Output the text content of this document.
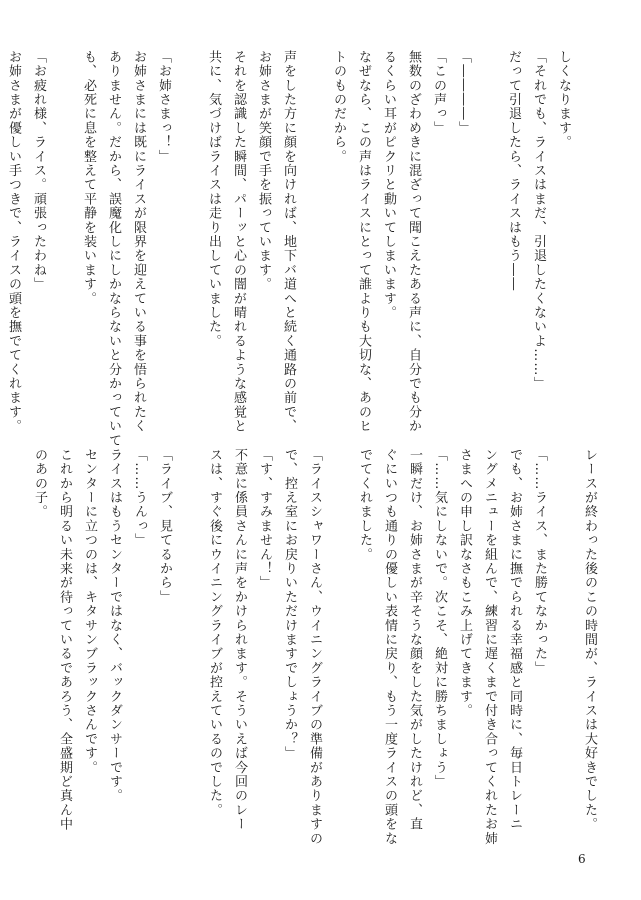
しくなります。
「それでも、ライスはまだ、引退したくないよ……」
だって引退したら、ライスはもう――

「――――」
「この声っ」
無数のざわめきに混ざって聞こえたある声に、自分でも分か
るくらい耳がピクリと動いてしまいます。
なぜなら、この声はライスにとって誰よりも大切な、あのヒ
トのものだから。

声をした方に顔を向ければ、地下バ道へと続く通路の前で、
お姉さまが笑顔で手を振っています。
それを認識した瞬間、パーッと心の闇が晴れるような感覚と
共に、気づけばライスは走り出していました。

「お姉さまっ！」
お姉さまには既にライスが限界を迎えている事を悟られたく
ありません。だから、誤魔化しにしかならないと分かっていて
も、必死に息を整えて平静を装います。

「お疲れ様、ライス。頑張ったわね」
お姉さまが優しい手つきで、ライスの頭を撫でてくれます。
レースが終わった後のこの時間が、ライスは大好きでした。

「……ライス、また勝てなかった」
でも、お姉さまに撫でられる幸福感と同時に、毎日トレーニ
ングメニューを組んで、練習に遅くまで付き合ってくれたお姉
さまへの申し訳なさもこみ上げてきます。
「……気にしないで。次こそ、絶対に勝ちましょう」
一瞬だけ、お姉さまが辛そうな顔をした気がしたけれど、直
ぐにいつも通りの優しい表情に戻り、もう一度ライスの頭をな
でてくれました。

「ライスシャワーさん、ウイニングライブの準備がありますの
で、控え室にお戻りいただけますでしょうか？」
「す、すみません！」
不意に係員さんに声をかけられます。そういえば今回のレー
スは、すぐ後にウイニングライブが控えているのでした。

「ライブ、見てるから」
「……うんっ」
ライスはもうセンターではなく、バックダンサーです。
センターに立つのは、キタサンブラックさんです。
これから明るい未来が待っているであろう、全盛期ど真ん中
のあの子。
6
